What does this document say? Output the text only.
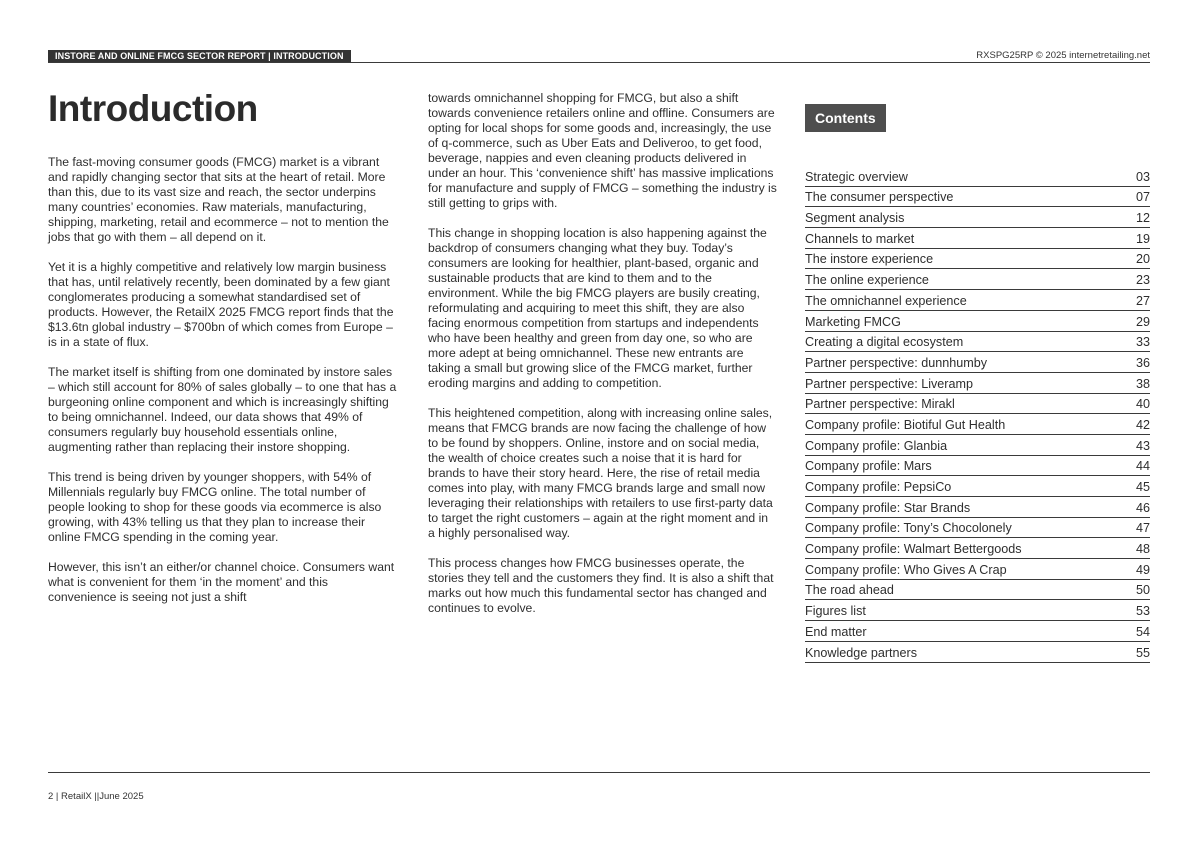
INSTORE AND ONLINE FMCG SECTOR REPORT | INTRODUCTION	RXSPG25RP © 2025 internetretailing.net
Introduction

The fast-moving consumer goods (FMCG) market is a vibrant and rapidly changing sector that sits at the heart of retail. More than this, due to its vast size and reach, the sector underpins many countries’ economies. Raw materials, manufacturing, shipping, marketing, retail and ecommerce – not to mention the jobs that go with them – all depend on it.

Yet it is a highly competitive and relatively low margin business that has, until relatively recently, been dominated by a few giant conglomerates producing a somewhat standardised set of products. However, the RetailX 2025 FMCG report finds that the $13.6tn global industry – $700bn of which comes from Europe – is in a state of flux.

The market itself is shifting from one dominated by instore sales – which still account for 80% of sales globally – to one that has a burgeoning online component and which is increasingly shifting to being omnichannel. Indeed, our data shows that 49% of consumers regularly buy household essentials online, augmenting rather than replacing their instore shopping.

This trend is being driven by younger shoppers, with 54% of Millennials regularly buy FMCG online. The total number of people looking to shop for these goods via ecommerce is also growing, with 43% telling us that they plan to increase their online FMCG spending in the coming year.

However, this isn’t an either/or channel choice. Consumers want what is convenient for them ‘in the moment’ and this convenience is seeing not just a shift

towards omnichannel shopping for FMCG, but also a shift towards convenience retailers online and offline. Consumers are opting for local shops for some goods and, increasingly, the use of q-commerce, such as Uber Eats and Deliveroo, to get food, beverage, nappies and even cleaning products delivered in under an hour. This ‘convenience shift’ has massive implications for manufacture and supply of FMCG – something the industry is still getting to grips with.

This change in shopping location is also happening against the backdrop of consumers changing what they buy. Today’s consumers are looking for healthier, plant-based, organic and sustainable products that are kind to them and to the environment. While the big FMCG players are busily creating, reformulating and acquiring to meet this shift, they are also facing enormous competition from startups and independents who have been healthy and green from day one, so who are more adept at being omnichannel. These new entrants are taking a small but growing slice of the FMCG market, further eroding margins and adding to competition.

This heightened competition, along with increasing online sales, means that FMCG brands are now facing the challenge of how to be found by shoppers. Online, instore and on social media, the wealth of choice creates such a noise that it is hard for brands to have their story heard. Here, the rise of retail media comes into play, with many FMCG brands large and small now leveraging their relationships with retailers to use first-party data to target the right customers – again at the right moment and in a highly personalised way.

This process changes how FMCG businesses operate, the stories they tell and the customers they find. It is also a shift that marks out how much this fundamental sector has changed and continues to evolve.

Contents
Strategic overview	03
The consumer perspective	07
Segment analysis	12
Channels to market	19
The instore experience	20
The online experience	23
The omnichannel experience	27
Marketing FMCG	29
Creating a digital ecosystem	33
Partner perspective: dunnhumby	36
Partner perspective: Liveramp	38
Partner perspective: Mirakl	40
Company profile: Biotiful Gut Health	42
Company profile: Glanbia	43
Company profile: Mars	44
Company profile: PepsiCo	45
Company profile: Star Brands	46
Company profile: Tony’s Chocolonely	47
Company profile: Walmart Bettergoods	48
Company profile: Who Gives A Crap	49
The road ahead	50
Figures list	53
End matter	54
Knowledge partners	55
2 | RetailX ||June 2025
